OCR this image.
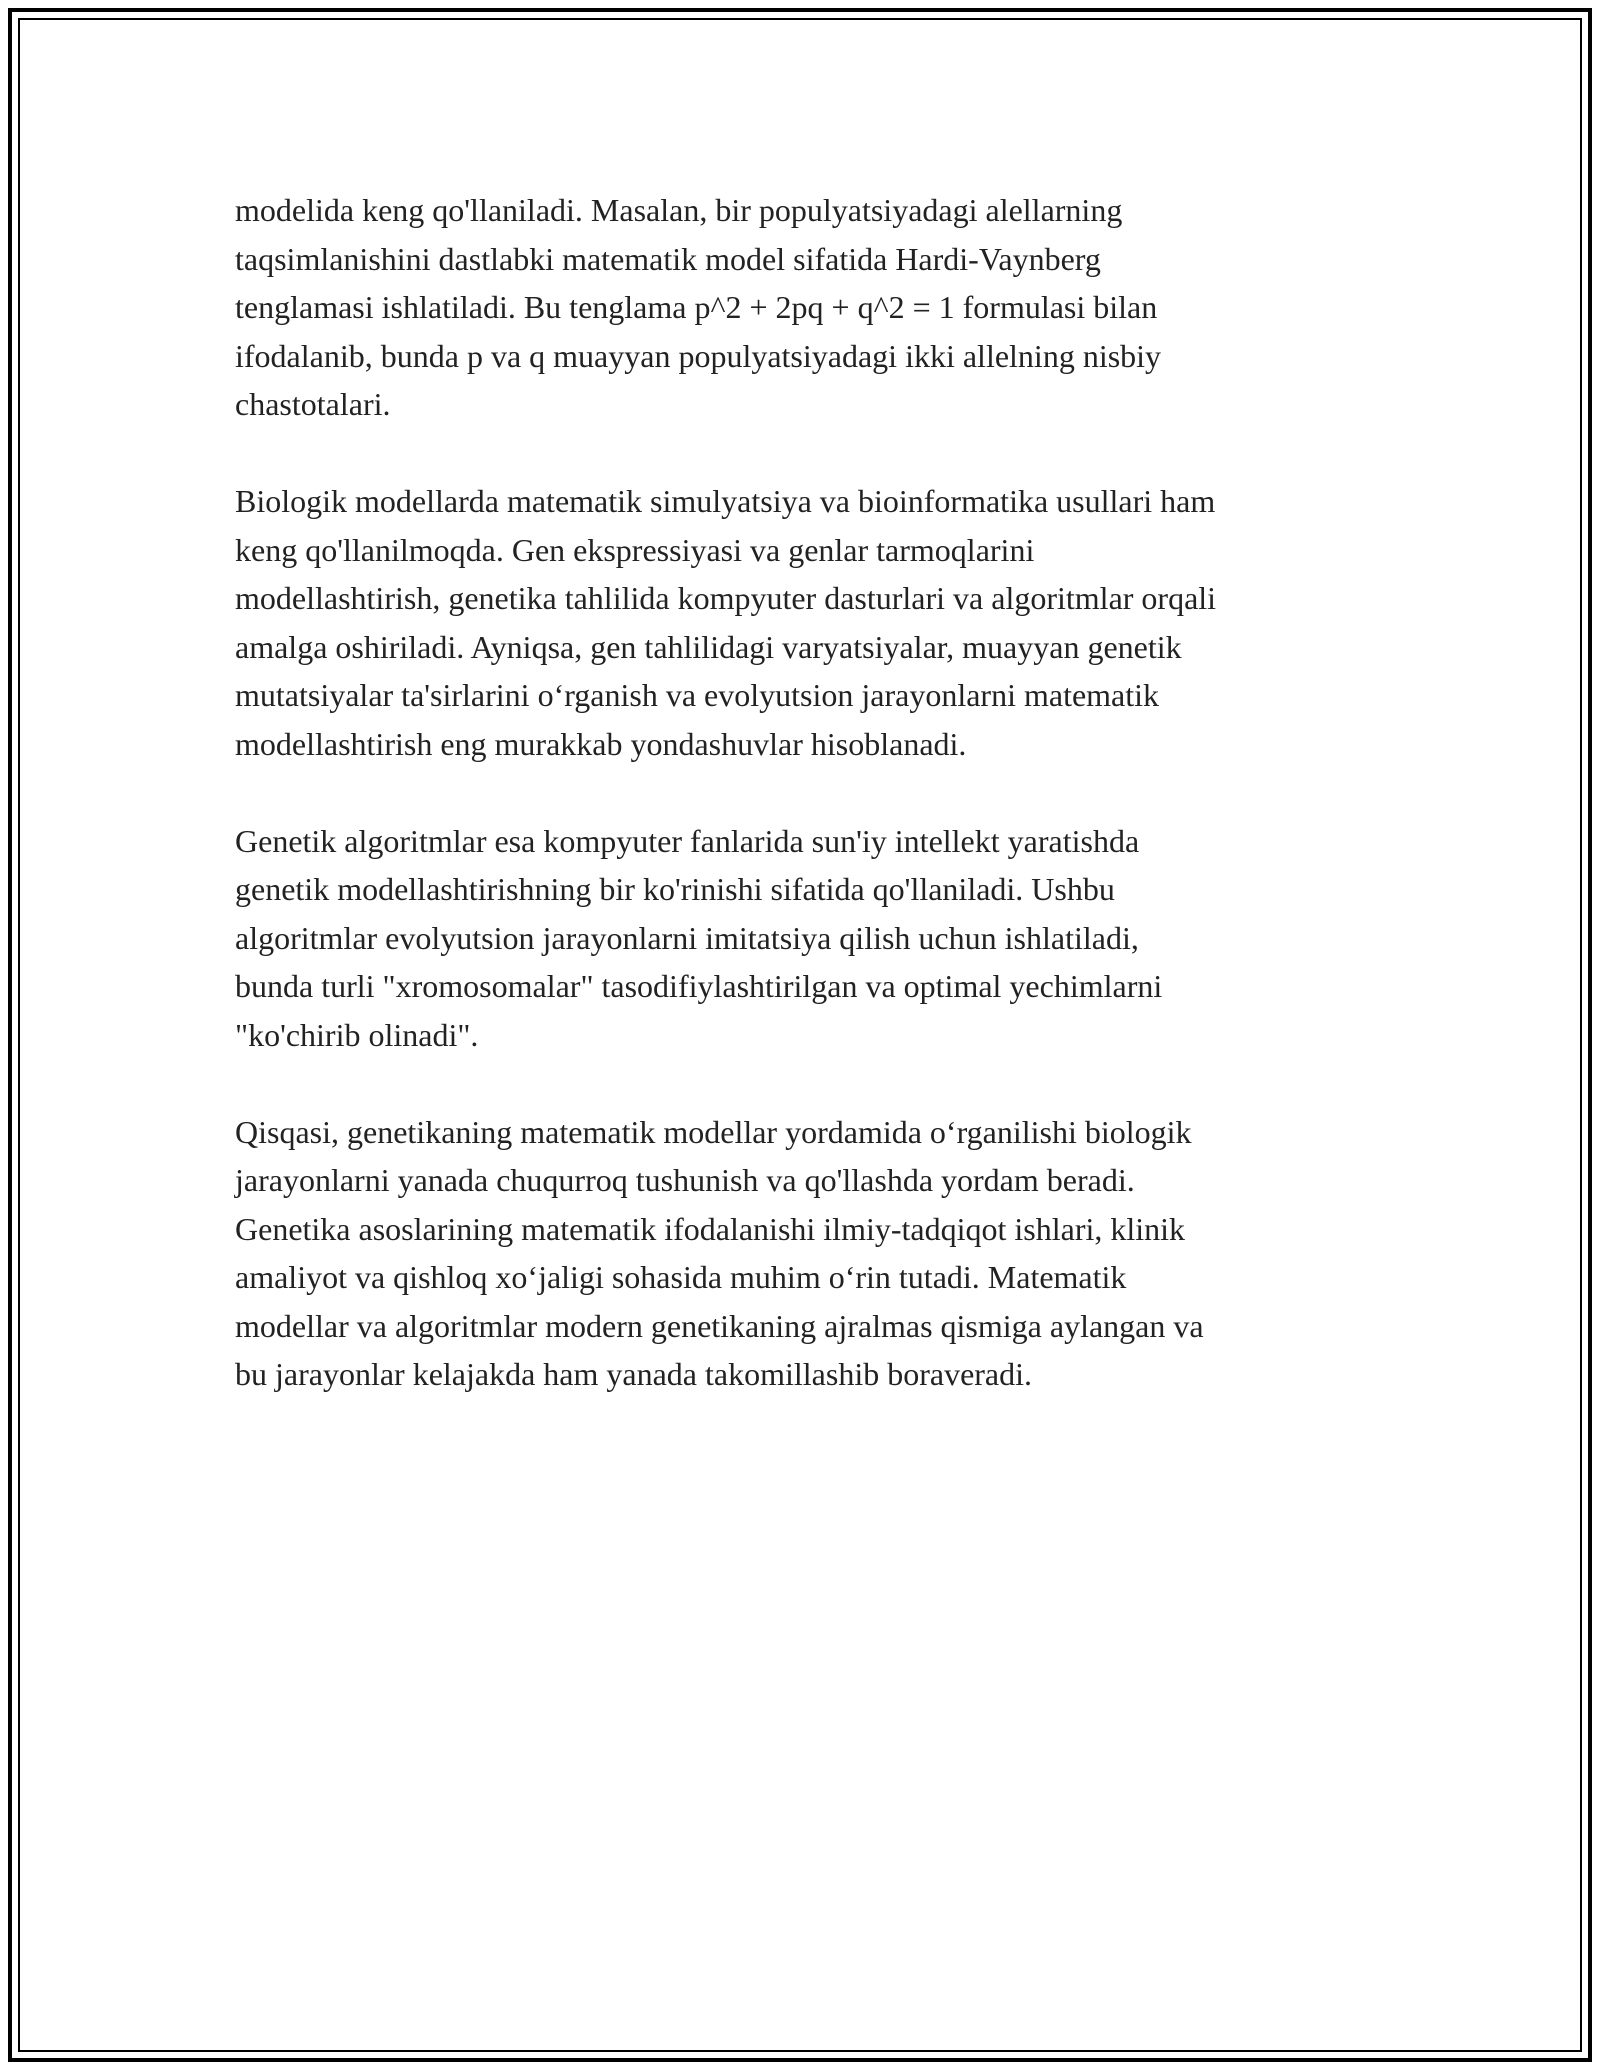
modelida keng qo'llaniladi. Masalan, bir populyatsiyadagi alellarning
taqsimlanishini dastlabki matematik model sifatida Hardi-Vaynberg
tenglamasi ishlatiladi. Bu tenglama p^2 + 2pq + q^2 = 1 formulasi bilan
ifodalanib, bunda p va q muayyan populyatsiyadagi ikki allelning nisbiy
chastotalari.

Biologik modellarda matematik simulyatsiya va bioinformatika usullari ham
keng qo'llanilmoqda. Gen ekspressiyasi va genlar tarmoqlarini
modellashtirish, genetika tahlilida kompyuter dasturlari va algoritmlar orqali
amalga oshiriladi. Ayniqsa, gen tahlilidagi varyatsiyalar, muayyan genetik
mutatsiyalar ta'sirlarini o‘rganish va evolyutsion jarayonlarni matematik
modellashtirish eng murakkab yondashuvlar hisoblanadi.

Genetik algoritmlar esa kompyuter fanlarida sun'iy intellekt yaratishda
genetik modellashtirishning bir ko'rinishi sifatida qo'llaniladi. Ushbu
algoritmlar evolyutsion jarayonlarni imitatsiya qilish uchun ishlatiladi,
bunda turli "xromosomalar" tasodifiylashtirilgan va optimal yechimlarni
"ko'chirib olinadi".

Qisqasi, genetikaning matematik modellar yordamida o‘rganilishi biologik
jarayonlarni yanada chuqurroq tushunish va qo'llashda yordam beradi.
Genetika asoslarining matematik ifodalanishi ilmiy-tadqiqot ishlari, klinik
amaliyot va qishloq xo‘jaligi sohasida muhim o‘rin tutadi. Matematik
modellar va algoritmlar modern genetikaning ajralmas qismiga aylangan va
bu jarayonlar kelajakda ham yanada takomillashib boraveradi.
